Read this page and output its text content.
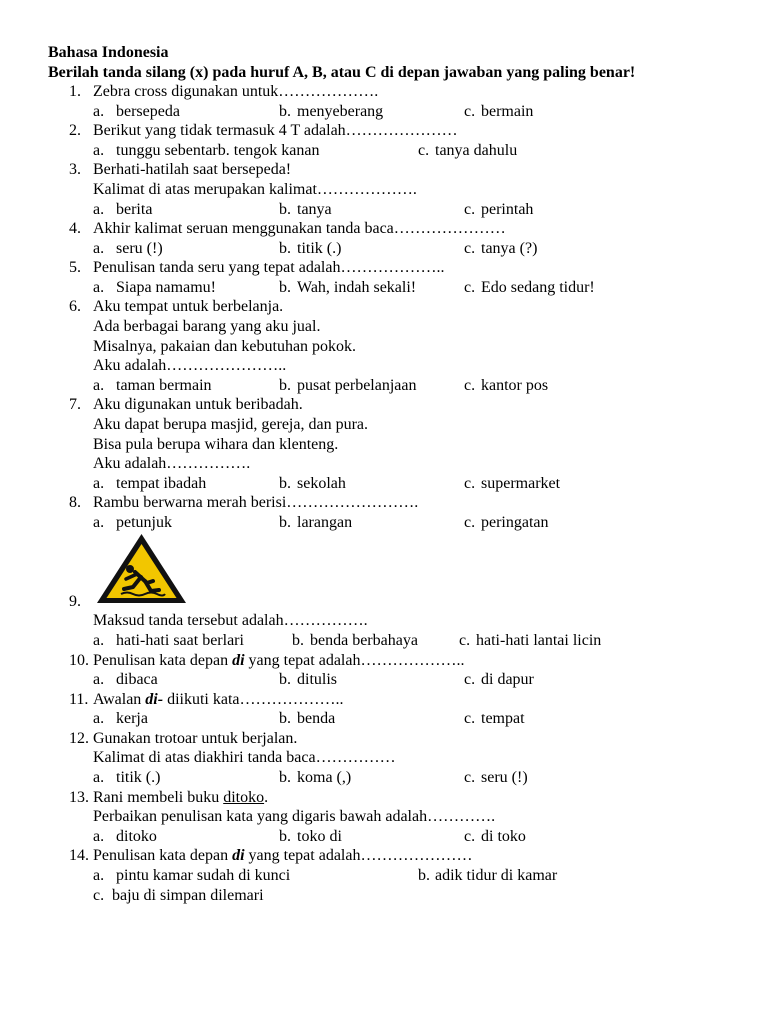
Bahasa Indonesia
Berilah tanda silang (x) pada huruf A, B, atau C di depan jawaban yang paling benar!
1. Zebra cross digunakan untuk……………….
a. bersepeda	b. menyeberang	c. bermain
2. Berikut yang tidak termasuk 4 T adalah…………………
a. tunggu sebentarb. tengok kanan	c. tanya dahulu
3. Berhati-hatilah saat bersepeda!
Kalimat di atas merupakan kalimat……………….
a. berita	b. tanya	c. perintah
4. Akhir kalimat seruan menggunakan tanda baca…………………
a. seru (!)	b. titik (.)	c. tanya (?)
5. Penulisan tanda seru yang tepat adalah………………..
a. Siapa namamu!	b. Wah, indah sekali!	c. Edo sedang tidur!
6. Aku tempat untuk berbelanja.
Ada berbagai barang yang aku jual.
Misalnya, pakaian dan kebutuhan pokok.
Aku adalah…………………..
a. taman bermain	b. pusat perbelanjaan	c. kantor pos
7. Aku digunakan untuk beribadah.
Aku dapat berupa masjid, gereja, dan pura.
Bisa pula berupa wihara dan klenteng.
Aku adalah…………….
a. tempat ibadah	b. sekolah	c. supermarket
8. Rambu berwarna merah berisi…………………….
a. petunjuk	b. larangan	c. peringatan
9.
Maksud tanda tersebut adalah…………….
a. hati-hati saat berlari	b. benda berbahaya	c. hati-hati lantai licin
10. Penulisan kata depan di yang tepat adalah………………..
a. dibaca	b. ditulis	c. di dapur
11. Awalan di- diikuti kata………………..
a. kerja	b. benda	c. tempat
12. Gunakan trotoar untuk berjalan.
Kalimat di atas diakhiri tanda baca……………
a. titik (.)	b. koma (,)	c. seru (!)
13. Rani membeli buku ditoko.
Perbaikan penulisan kata yang digaris bawah adalah………….
a. ditoko	b. toko di	c. di toko
14. Penulisan kata depan di yang tepat adalah…………………
a. pintu kamar sudah di kunci	b. adik tidur di kamar
c. baju di simpan dilemari
